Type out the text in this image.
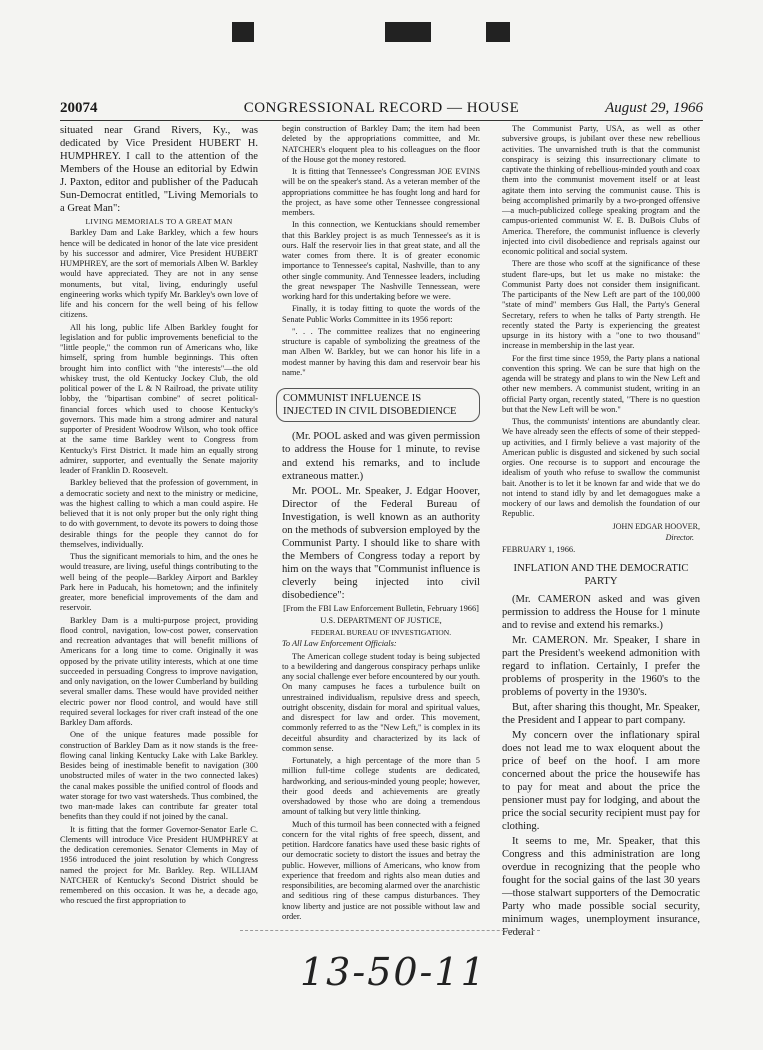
20074	CONGRESSIONAL RECORD — HOUSE	August 29, 1966

situated near Grand Rivers, Ky., was dedicated by Vice President HUBERT H. HUMPHREY. I call to the attention of the Members of the House an editorial by Edwin J. Paxton, editor and publisher of the Paducah Sun-Democrat entitled, "Living Memorials to a Great Man":

LIVING MEMORIALS TO A GREAT MAN

Barkley Dam and Lake Barkley, which a few hours hence will be dedicated in honor of the late vice president by his successor and admirer, Vice President HUBERT HUMPHREY, are the sort of memorials Alben W. Barkley would have appreciated. They are not in any sense monuments, but vital, living, enduringly useful engineering works which typify Mr. Barkley's own love of life and his concern for the well being of his fellow citizens.

All his long, public life Alben Barkley fought for legislation and for public improvements beneficial to the "little people," the common run of Americans who, like himself, spring from humble beginnings. This often brought him into conflict with "the interests"—the old whiskey trust, the old Kentucky Jockey Club, the old political power of the L & N Railroad, the private utility lobby, the "bipartisan combine" of secret political-financial forces which used to choose Kentucky's governors. This made him a strong admirer and natural supporter of President Woodrow Wilson, who took office at the same time Barkley went to Congress from Kentucky's First District. It made him an equally strong admirer, supporter, and eventually the Senate majority leader of Franklin D. Roosevelt.

Barkley believed that the profession of government, in a democratic society and next to the ministry or medicine, was the highest calling to which a man could aspire. He believed that it is not only proper but the only right thing to do with government, to devote its powers to doing those desirable things for the people they cannot do for themselves, individually.

Thus the significant memorials to him, and the ones he would treasure, are living, useful things contributing to the well being of the people—Barkley Airport and Barkley Park here in Paducah, his hometown; and the infinitely greater, more beneficial improvements of the dam and reservoir.

Barkley Dam is a multi-purpose project, providing flood control, navigation, low-cost power, conservation and recreation advantages that will benefit millions of Americans for a long time to come. Originally it was opposed by the private utility interests, which at one time succeeded in persuading Congress to improve navigation, and only navigation, on the lower Cumberland by building several smaller dams. These would have provided neither electric power nor flood control, and would have still required several lockages for river craft instead of the one Barkley Dam affords.

One of the unique features made possible for construction of Barkley Dam as it now stands is the free-flowing canal linking Kentucky Lake with Lake Barkley. Besides being of inestimable benefit to navigation (300 unobstructed miles of water in the two connected lakes) the canal makes possible the unified control of floods and water storage for two vast watersheds. Thus combined, the two man-made lakes can contribute far greater total benefits than they could if not joined by the canal.

It is fitting that the former Governor-Senator Earle C. Clements will introduce Vice President HUMPHREY at the dedication ceremonies. Senator Clements in May of 1956 introduced the joint resolution by which Congress named the project for Mr. Barkley. Rep. WILLIAM NATCHER of Kentucky's Second District should be remembered on this occasion. It was he, a decade ago, who rescued the first appropriation to

begin construction of Barkley Dam; the item had been deleted by the appropriations committee, and Mr. NATCHER's eloquent plea to his colleagues on the floor of the House got the money restored.

It is fitting that Tennessee's Congressman JOE EVINS will be on the speaker's stand. As a veteran member of the appropriations committee he has fought long and hard for the project, as have some other Tennessee congressional members.

In this connection, we Kentuckians should remember that this Barkley project is as much Tennessee's as it is ours. Half the reservoir lies in that great state, and all the water comes from there. It is of greater economic importance to Tennessee's capital, Nashville, than to any other single community. And Tennessee leaders, including the great newspaper The Nashville Tennessean, were working hard for this undertaking before we were.

Finally, it is today fitting to quote the words of the Senate Public Works Committee in its 1956 report:

". . . The committee realizes that no engineering structure is capable of symbolizing the greatness of the man Alben W. Barkley, but we can honor his life in a modest manner by having this dam and reservoir bear his name."

COMMUNIST INFLUENCE IS INJECTED IN CIVIL DISOBEDIENCE

(Mr. POOL asked and was given permission to address the House for 1 minute, to revise and extend his remarks, and to include extraneous matter.)

Mr. POOL. Mr. Speaker, J. Edgar Hoover, Director of the Federal Bureau of Investigation, is well known as an authority on the methods of subversion employed by the Communist Party. I should like to share with the Members of Congress today a report by him on the ways that "Communist influence is cleverly being injected into civil disobedience":

[From the FBI Law Enforcement Bulletin, February 1966]

U.S. DEPARTMENT OF JUSTICE,

FEDERAL BUREAU OF INVESTIGATION.

To All Law Enforcement Officials:

The American college student today is being subjected to a bewildering and dangerous conspiracy perhaps unlike any social challenge ever before encountered by our youth. On many campuses he faces a turbulence built on unrestrained individualism, repulsive dress and speech, outright obscenity, disdain for moral and spiritual values, and disrespect for law and order. This movement, commonly referred to as the "New Left," is complex in its deceitful absurdity and characterized by its lack of common sense.

Fortunately, a high percentage of the more than 5 million full-time college students are dedicated, hardworking, and serious-minded young people; however, their good deeds and achievements are greatly overshadowed by those who are doing a tremendous amount of talking but very little thinking.

Much of this turmoil has been connected with a feigned concern for the vital rights of free speech, dissent, and petition. Hardcore fanatics have used these basic rights of our democratic society to distort the issues and betray the public. However, millions of Americans, who know from experience that freedom and rights also mean duties and responsibilities, are becoming alarmed over the anarchistic and seditious ring of these campus disturbances. They know liberty and justice are not possible without law and order.

The Communist Party, USA, as well as other subversive groups, is jubilant over these new rebellious activities. The unvarnished truth is that the communist conspiracy is seizing this insurrectionary climate to captivate the thinking of rebellious-minded youth and coax them into the communist movement itself or at least agitate them into serving the communist cause. This is being accomplished primarily by a two-pronged offensive—a much-publicized college speaking program and the campus-oriented communist W. E. B. DuBois Clubs of America. Therefore, the communist influence is cleverly injected into civil disobedience and reprisals against our economic political and social system.

There are those who scoff at the significance of these student flare-ups, but let us make no mistake: the Communist Party does not consider them insignificant. The participants of the New Left are part of the 100,000 "state of mind" members Gus Hall, the Party's General Secretary, refers to when he talks of Party strength. He recently stated the Party is experiencing the greatest upsurge in its history with a "one to two thousand" increase in membership in the last year.

For the first time since 1959, the Party plans a national convention this spring. We can be sure that high on the agenda will be strategy and plans to win the New Left and other new members. A communist student, writing in an official Party organ, recently stated, "There is no question but that the New Left will be won."

Thus, the communists' intentions are abundantly clear. We have already seen the effects of some of their stepped-up activities, and I firmly believe a vast majority of the American public is disgusted and sickened by such social orgies. One recourse is to support and encourage the idealism of youth who refuse to swallow the communist bait. Another is to let it be known far and wide that we do not intend to stand idly by and let demagogues make a mockery of our laws and demolish the foundation of our Republic.

JOHN EDGAR HOOVER,

Director.

FEBRUARY 1, 1966.

INFLATION AND THE DEMOCRATIC PARTY

(Mr. CAMERON asked and was given permission to address the House for 1 minute and to revise and extend his remarks.)

Mr. CAMERON. Mr. Speaker, I share in part the President's weekend admonition with regard to inflation. Certainly, I prefer the problems of prosperity in the 1960's to the problems of poverty in the 1930's.

But, after sharing this thought, Mr. Speaker, the President and I appear to part company.

My concern over the inflationary spiral does not lead me to wax eloquent about the price of beef on the hoof. I am more concerned about the price the housewife has to pay for meat and about the price the pensioner must pay for lodging, and about the price the social security recipient must pay for clothing.

It seems to me, Mr. Speaker, that this Congress and this administration are long overdue in recognizing that the people who fought for the social gains of the last 30 years—those stalwart supporters of the Democratic Party who made possible social security, minimum wages, unemployment insurance, Federal

13-50-11
